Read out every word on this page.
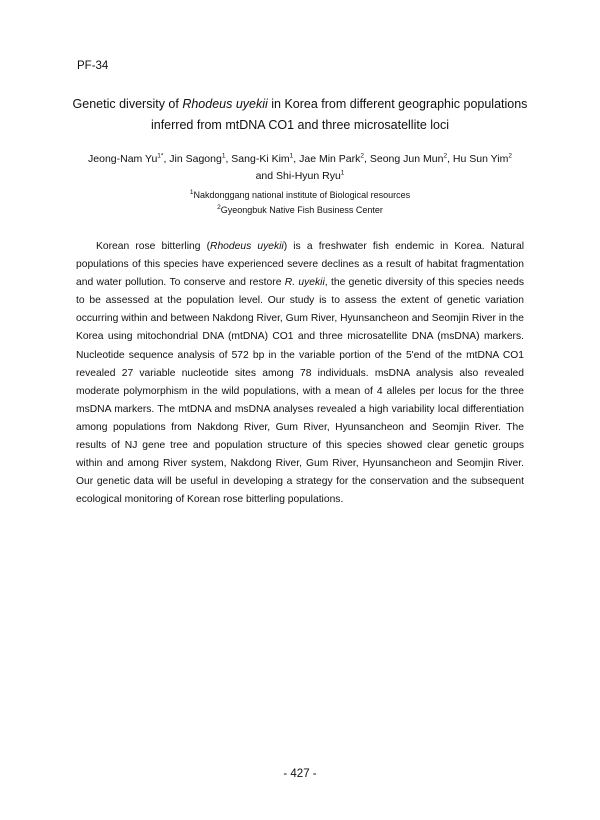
PF-34
Genetic diversity of Rhodeus uyekii in Korea from different geographic populations
inferred from mtDNA CO1 and three microsatellite loci
Jeong-Nam $Yu^{1*}$, Jin Sagong$^1$, Sang-Ki Kim$^1$, Jae Min Park$^2$, Seong Jun Mun$^2$, Hu Sun Yim$^2$
and Shi-Hyun Ryu$^1$
$^1$Nakdonggang national institute of Biological resources
$^2$Gyeongbuk Native Fish Business Center

Korean rose bitterling (Rhodeus uyekii) is a freshwater fish endemic in Korea. Natural populations of this species have experienced severe declines as a result of habitat fragmentation and water pollution. To conserve and restore R. uyekii, the genetic diversity of this species needs to be assessed at the population level. Our study is to assess the extent of genetic variation occurring within and between Nakdong River, Gum River, Hyunsancheon and Seomjin River in the Korea using mitochondrial DNA (mtDNA) CO1 and three microsatellite DNA (msDNA) markers. Nucleotide sequence analysis of 572 bp in the variable portion of the 5'end of the mtDNA CO1 revealed 27 variable nucleotide sites among 78 individuals. msDNA analysis also revealed moderate polymorphism in the wild populations, with a mean of 4 alleles per locus for the three msDNA markers. The mtDNA and msDNA analyses revealed a high variability local differentiation among populations from Nakdong River, Gum River, Hyunsancheon and Seomjin River. The results of NJ gene tree and population structure of this species showed clear genetic groups within and among River system, Nakdong River, Gum River, Hyunsancheon and Seomjin River. Our genetic data will be useful in developing a strategy for the conservation and the subsequent ecological monitoring of Korean rose bitterling populations.

- 427 -
